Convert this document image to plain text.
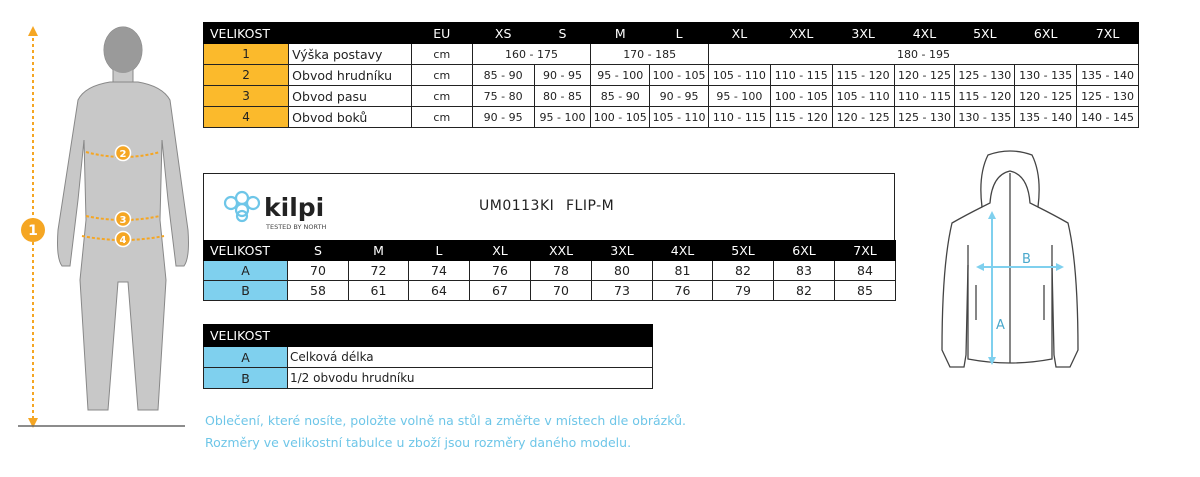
1
2
3
4
VELIKOST		EU	XS	S	M	L	XL	XXL	3XL	4XL	5XL	6XL	7XL
1	Výška postavy	cm	160 - 175		170 - 185		180 - 195						
2	Obvod hrudníku	cm	85 - 90	90 - 95	95 - 100	100 - 105	105 - 110	110 - 115	115 - 120	120 - 125	125 - 130	130 - 135	135 - 140
3	Obvod pasu	cm	75 - 80	80 - 85	85 - 90	90 - 95	95 - 100	100 - 105	105 - 110	110 - 115	115 - 120	120 - 125	125 - 130
4	Obvod boků	cm	90 - 95	95 - 100	100 - 105	105 - 110	110 - 115	115 - 120	120 - 125	125 - 130	130 - 135	135 - 140	140 - 145
kilpi
TESTED BY NORTH
UM0113KI FLIP-M
VELIKOST	S	M	L	XL	XXL	3XL	4XL	5XL	6XL	7XL
A	70	72	74	76	78	80	81	82	83	84
B	58	61	64	67	70	73	76	79	82	85
VELIKOST	
A	Celková délka
B	1/2 obvodu hrudníku
Oblečení, které nosíte, položte volně na stůl a změřte v místech dle obrázků.
Rozměry ve velikostní tabulce u zboží jsou rozměry daného modelu.
A
B
